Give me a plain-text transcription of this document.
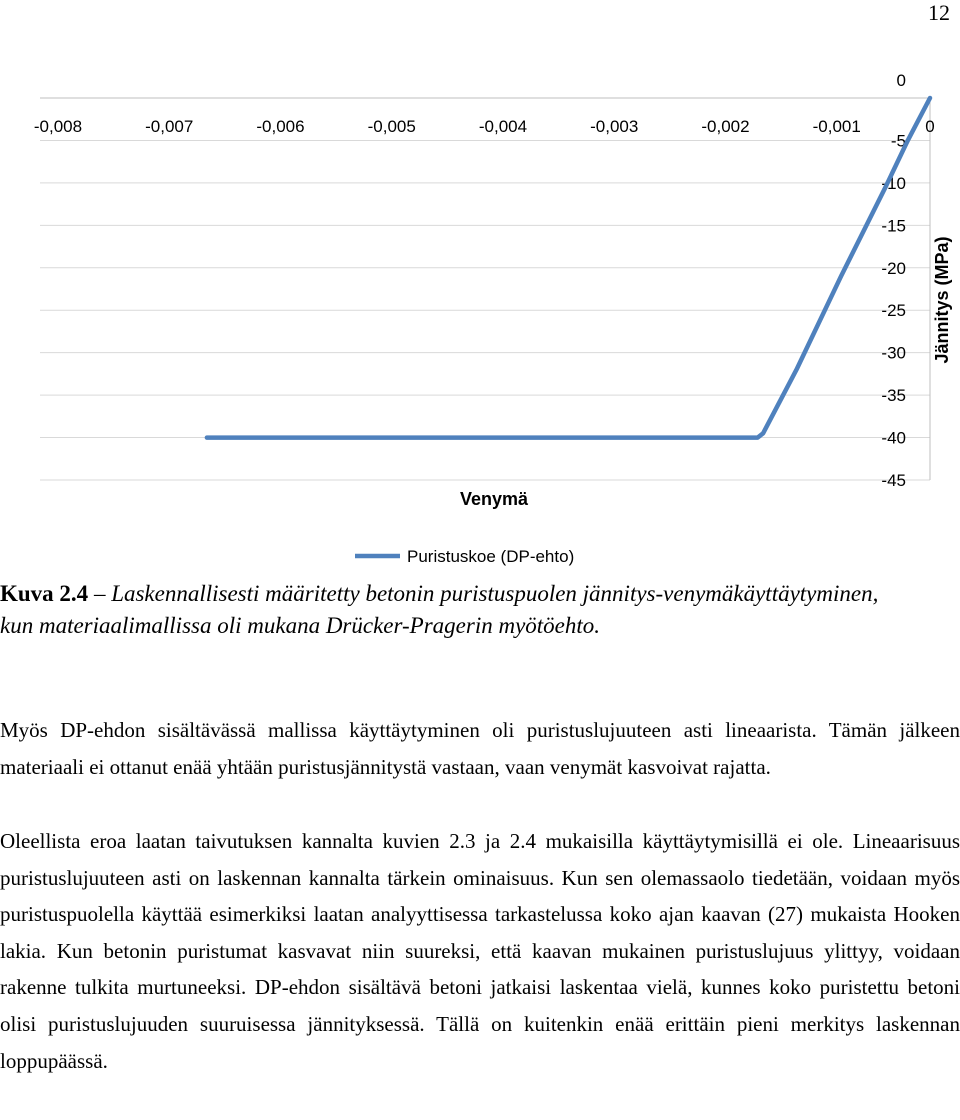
12
-0,008	-0,007	-0,006	-0,005	-0,004	-0,003	-0,002	-0,001	0
0
-5
-10
-15
-20
-25
-30
-35
-40
-45
Venymä
Jännitys (MPa)
Puristuskoe (DP-ehto)
Kuva 2.4 – Laskennallisesti määritetty betonin puristuspuolen jännitys-venymäkäyttäytyminen, kun materiaalimallissa oli mukana Drücker-Pragerin myötöehto.

Myös DP-ehdon sisältävässä mallissa käyttäytyminen oli puristuslujuuteen asti lineaarista. Tämän jälkeen materiaali ei ottanut enää yhtään puristusjännitystä vastaan, vaan venymät kasvoivat rajatta.

Oleellista eroa laatan taivutuksen kannalta kuvien 2.3 ja 2.4 mukaisilla käyttäytymisillä ei ole. Lineaarisuus puristuslujuuteen asti on laskennan kannalta tärkein ominaisuus. Kun sen olemassaolo tiedetään, voidaan myös puristuspuolella käyttää esimerkiksi laatan analyyttisessa tarkastelussa koko ajan kaavan (27) mukaista Hooken lakia. Kun betonin puristumat kasvavat niin suureksi, että kaavan mukainen puristuslujuus ylittyy, voidaan rakenne tulkita murtuneeksi. DP-ehdon sisältävä betoni jatkaisi laskentaa vielä, kunnes koko puristettu betoni olisi puristuslujuuden suuruisessa jännityksessä. Tällä on kuitenkin enää erittäin pieni merkitys laskennan loppupäässä.
